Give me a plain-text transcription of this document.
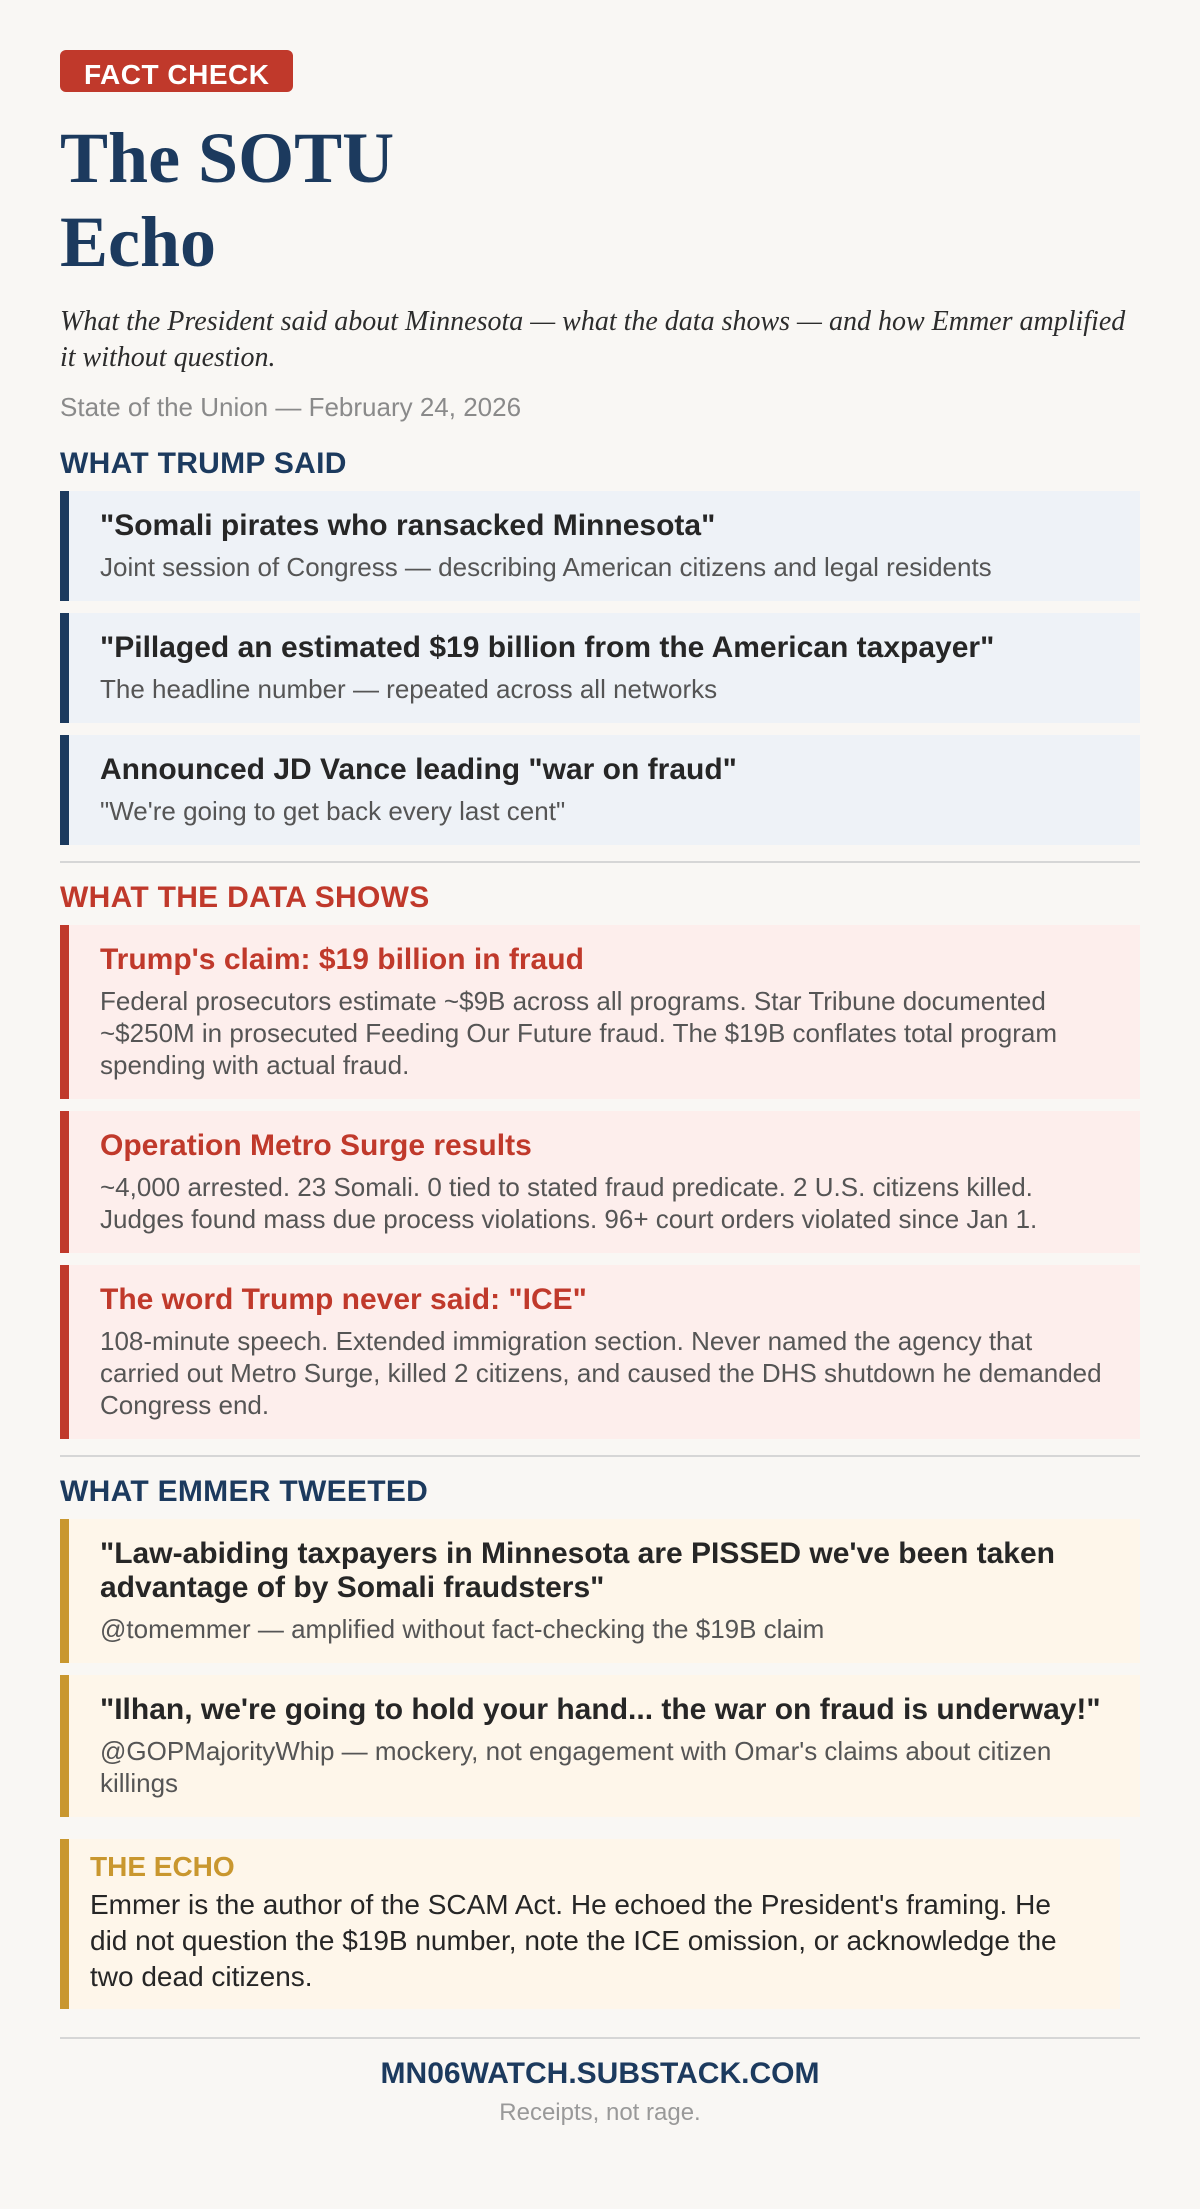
FACT CHECK
The SOTU Echo
What the President said about Minnesota — what the data shows — and how Emmer amplified it without question.
State of the Union — February 24, 2026
WHAT TRUMP SAID
"Somali pirates who ransacked Minnesota"
Joint session of Congress — describing American citizens and legal residents
"Pillaged an estimated $19 billion from the American taxpayer"
The headline number — repeated across all networks
Announced JD Vance leading "war on fraud"
"We're going to get back every last cent"
WHAT THE DATA SHOWS
Trump's claim: $19 billion in fraud
Federal prosecutors estimate ~$9B across all programs. Star Tribune documented ~$250M in prosecuted Feeding Our Future fraud. The $19B conflates total program spending with actual fraud.
Operation Metro Surge results
~4,000 arrested. 23 Somali. 0 tied to stated fraud predicate. 2 U.S. citizens killed. Judges found mass due process violations. 96+ court orders violated since Jan 1.
The word Trump never said: "ICE"
108-minute speech. Extended immigration section. Never named the agency that carried out Metro Surge, killed 2 citizens, and caused the DHS shutdown he demanded Congress end.
WHAT EMMER TWEETED
"Law-abiding taxpayers in Minnesota are PISSED we've been taken advantage of by Somali fraudsters"
@tomemmer — amplified without fact-checking the $19B claim
"Ilhan, we're going to hold your hand... the war on fraud is underway!"
@GOPMajorityWhip — mockery, not engagement with Omar's claims about citizen killings
THE ECHO
Emmer is the author of the SCAM Act. He echoed the President's framing. He did not question the $19B number, note the ICE omission, or acknowledge the two dead citizens.
MN06WATCH.SUBSTACK.COM
Receipts, not rage.
